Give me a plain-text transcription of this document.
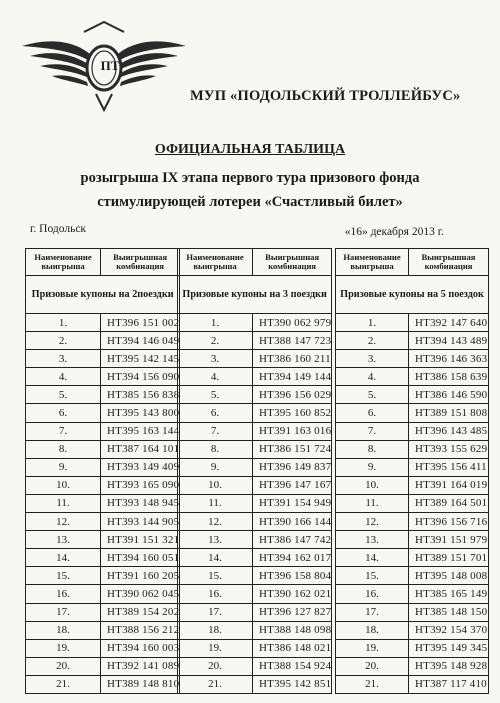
ПТ
МУП «ПОДОЛЬСКИЙ ТРОЛЛЕЙБУС»
ОФИЦИАЛЬНАЯ ТАБЛИЦА
розыгрыша IX этапа первого тура призового фонда
стимулирующей лотереи «Счастливый билет»
г. Подольск	«16» декабря 2013 г.
Наименование выигрыша	Выигрышная комбинация
Призовые купоны на 2поездки	
1.	НТ396 151 002
2.	НТ394 146 049
3.	НТ395 142 145
4.	НТ394 156 090
5.	НТ385 156 838
6.	НТ395 143 800
7.	НТ395 163 144
8.	НТ387 164 101
9.	НТ393 149 409
10.	НТ393 165 090
11.	НТ393 148 945
12.	НТ393 144 905
13.	НТ391 151 321
14.	НТ394 160 051
15.	НТ391 160 205
16.	НТ390 062 045
17.	НТ389 154 202
18.	НТ388 156 212
19.	НТ394 160 003
20.	НТ392 141 089
21.	НТ389 148 810
Наименование выигрыша	Выигрышная комбинация
Призовые купоны на 3 поездки	
1.	НТ390 062 979
2.	НТ388 147 723
3.	НТ386 160 211
4.	НТ394 149 144
5.	НТ396 156 029
6.	НТ395 160 852
7.	НТ391 163 016
8.	НТ386 151 724
9.	НТ396 149 837
10.	НТ396 147 167
11.	НТ391 154 949
12.	НТ390 166 144
13.	НТ386 147 742
14.	НТ394 162 017
15.	НТ396 158 804
16.	НТ390 162 021
17.	НТ396 127 827
18.	НТ388 148 098
19.	НТ386 148 021
20.	НТ388 154 924
21.	НТ395 142 851
Наименование выигрыша	Выигрышная комбинация
Призовые купоны на 5 поездок	
1.	НТ392 147 640
2.	НТ394 143 489
3.	НТ396 146 363
4.	НТ386 158 639
5.	НТ386 146 590
6.	НТ389 151 808
7.	НТ396 143 485
8.	НТ393 155 629
9.	НТ395 156 411
10.	НТ391 164 019
11.	НТ389 164 501
12.	НТ396 156 716
13.	НТ391 151 979
14.	НТ389 151 701
15.	НТ395 148 008
16.	НТ385 165 149
17.	НТ385 148 150
18.	НТ392 154 370
19.	НТ395 149 345
20.	НТ395 148 928
21.	НТ387 117 410
